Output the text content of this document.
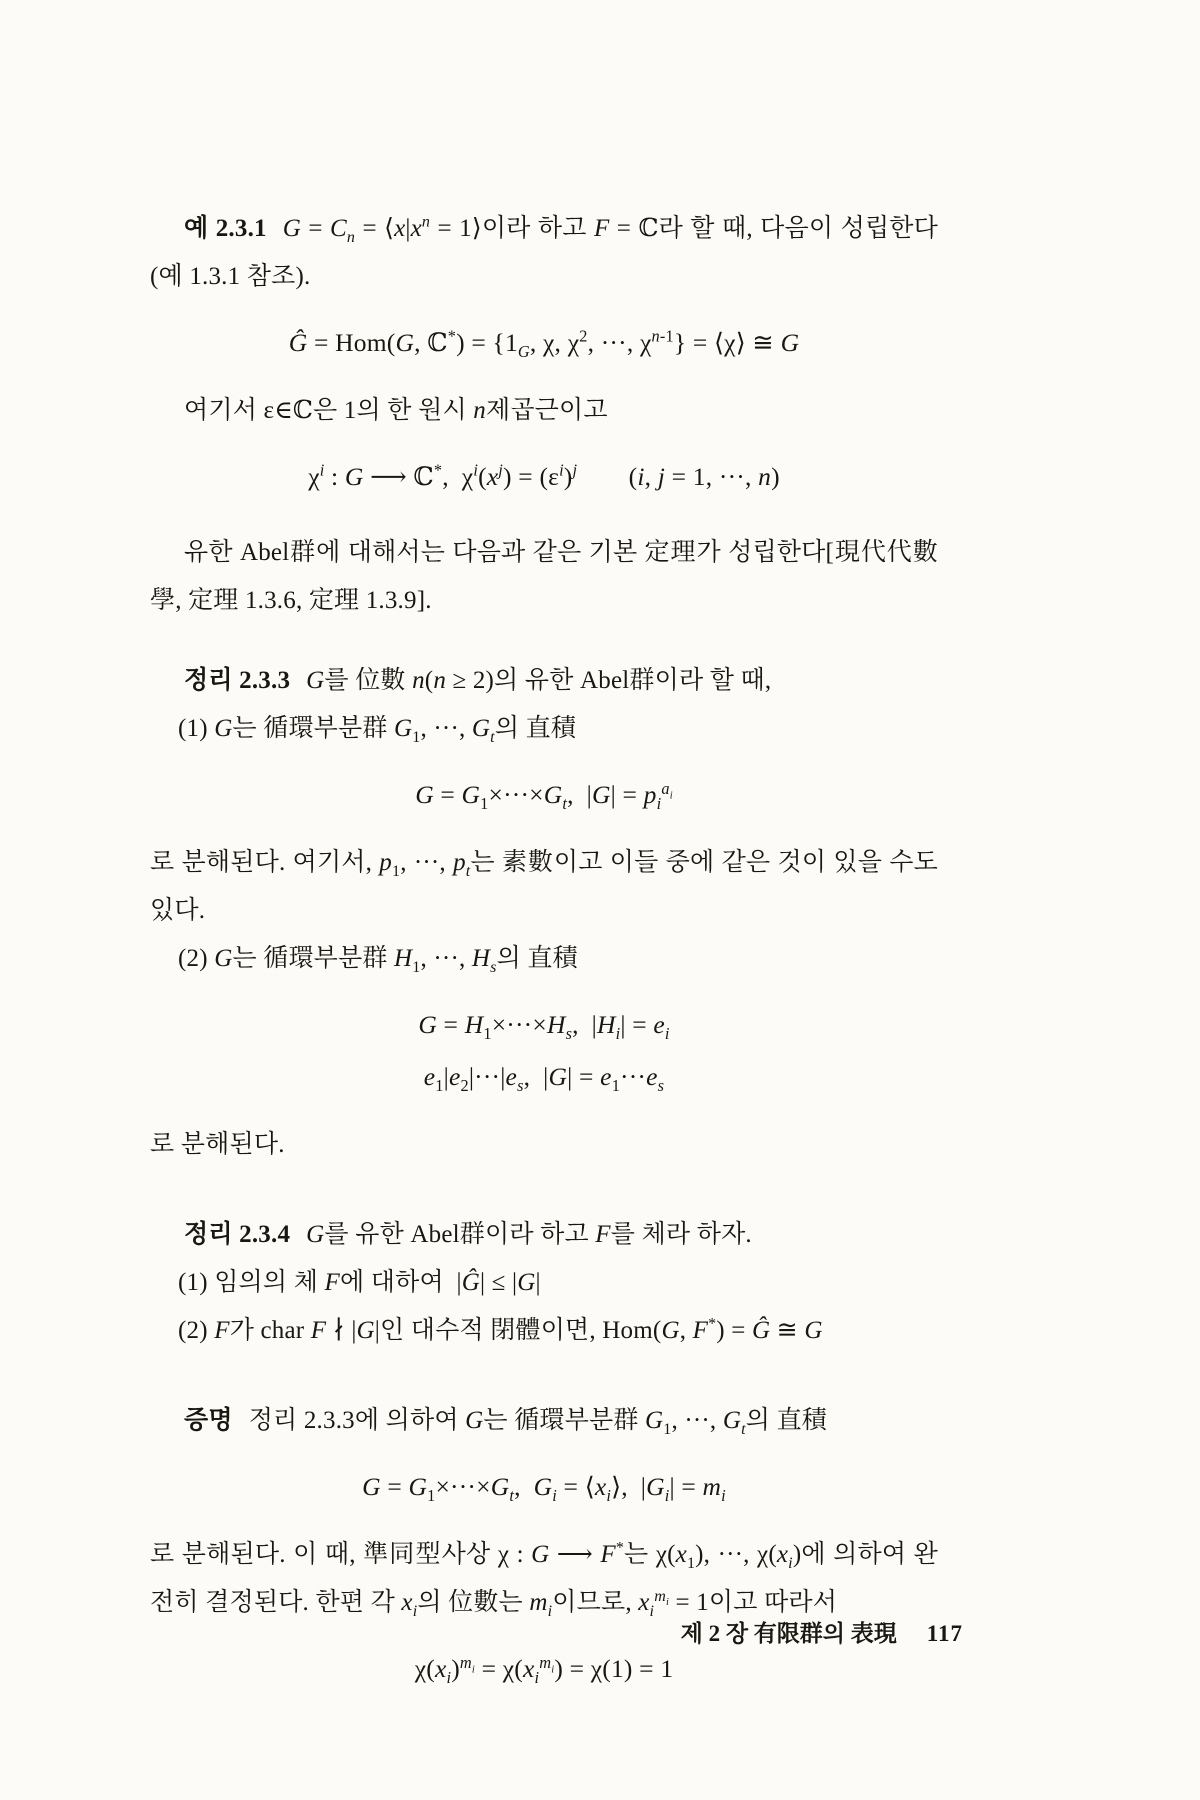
예 2.3.1 $G = C_n$ = $⟨x|x^n$ = 1⟩이라 하고 F = ℂ라 할 때, 다음이 성립한다(예 1.3.1 참조).

Ĝ = Hom(G, ℂ*) = {$1_G$, χ, $\chi^2$, ···, $\chi^{n-1}$} = ⟨χ⟩ ≅ G

여기서 ε∈ℂ은 1의 한 원시 n제곱근이고

$\chi^i$ : G ⟶ ℂ*, $\chi^i(x^j) = (\varepsilon^i)^j$  (i, j = 1, ···, n)

유한 Abel群에 대해서는 다음과 같은 기본 定理가 성립한다[現代代數學, 定理 1.3.6, 定理 1.3.9].

정리 2.3.3 G를 位數 n(n ≥ 2)의 유한 Abel群이라 할 때,

(1) G는 循環부분群 $G_1$, ···, $G_t$의 直積

$G = G_1\times\cdot\cdot\cdot\times G_t$, $|G| = p_i^{a_i}$

로 분해된다. 여기서, $p_1$, ···, $p_t$는 素數이고 이들 중에 같은 것이 있을 수도 있다.

(2) G는 循環부분群 $H_1$, ···, $H_s$의 直積

$G = H_1\times\cdot\cdot\cdot\times H_s$, $|H_i| = e_i$
$e_1|e_2|\cdot\cdot\cdot|e_s$, $|G| = e_1\cdot\cdot\cdot e_s$

로 분해된다.

정리 2.3.4 G를 유한 Abel群이라 하고 F를 체라 하자.

(1) 임의의 체 F에 대하여 |Ĝ| ≤ |G|

(2) F가 char F ∤ |G|인 대수적 閉體이면, Hom(G, F*) = Ĝ ≅ G

증명 정리 2.3.3에 의하여 G는 循環부분群 $G_1$, ···, $G_t$의 直積

$G = G_1\times\cdot\cdot\cdot\times G_t$, $G_i$ = $⟨x_i⟩$, $|G_i| = m_i$

로 분해된다. 이 때, 準同型사상 χ : G ⟶ F*는 $\chi(x_1)$, ···, $\chi(x_i)$에 의하여 완전히 결정된다. 한편 각 $x_i$의 位數는 $m_i$이므로, $x_i^{m_i} = 1$이고 따라서

$\chi(x_i)^{m_i} = \chi(x_i^{m_i}) = \chi(1) = 1$
제 2 장 有限群의 表現 117
